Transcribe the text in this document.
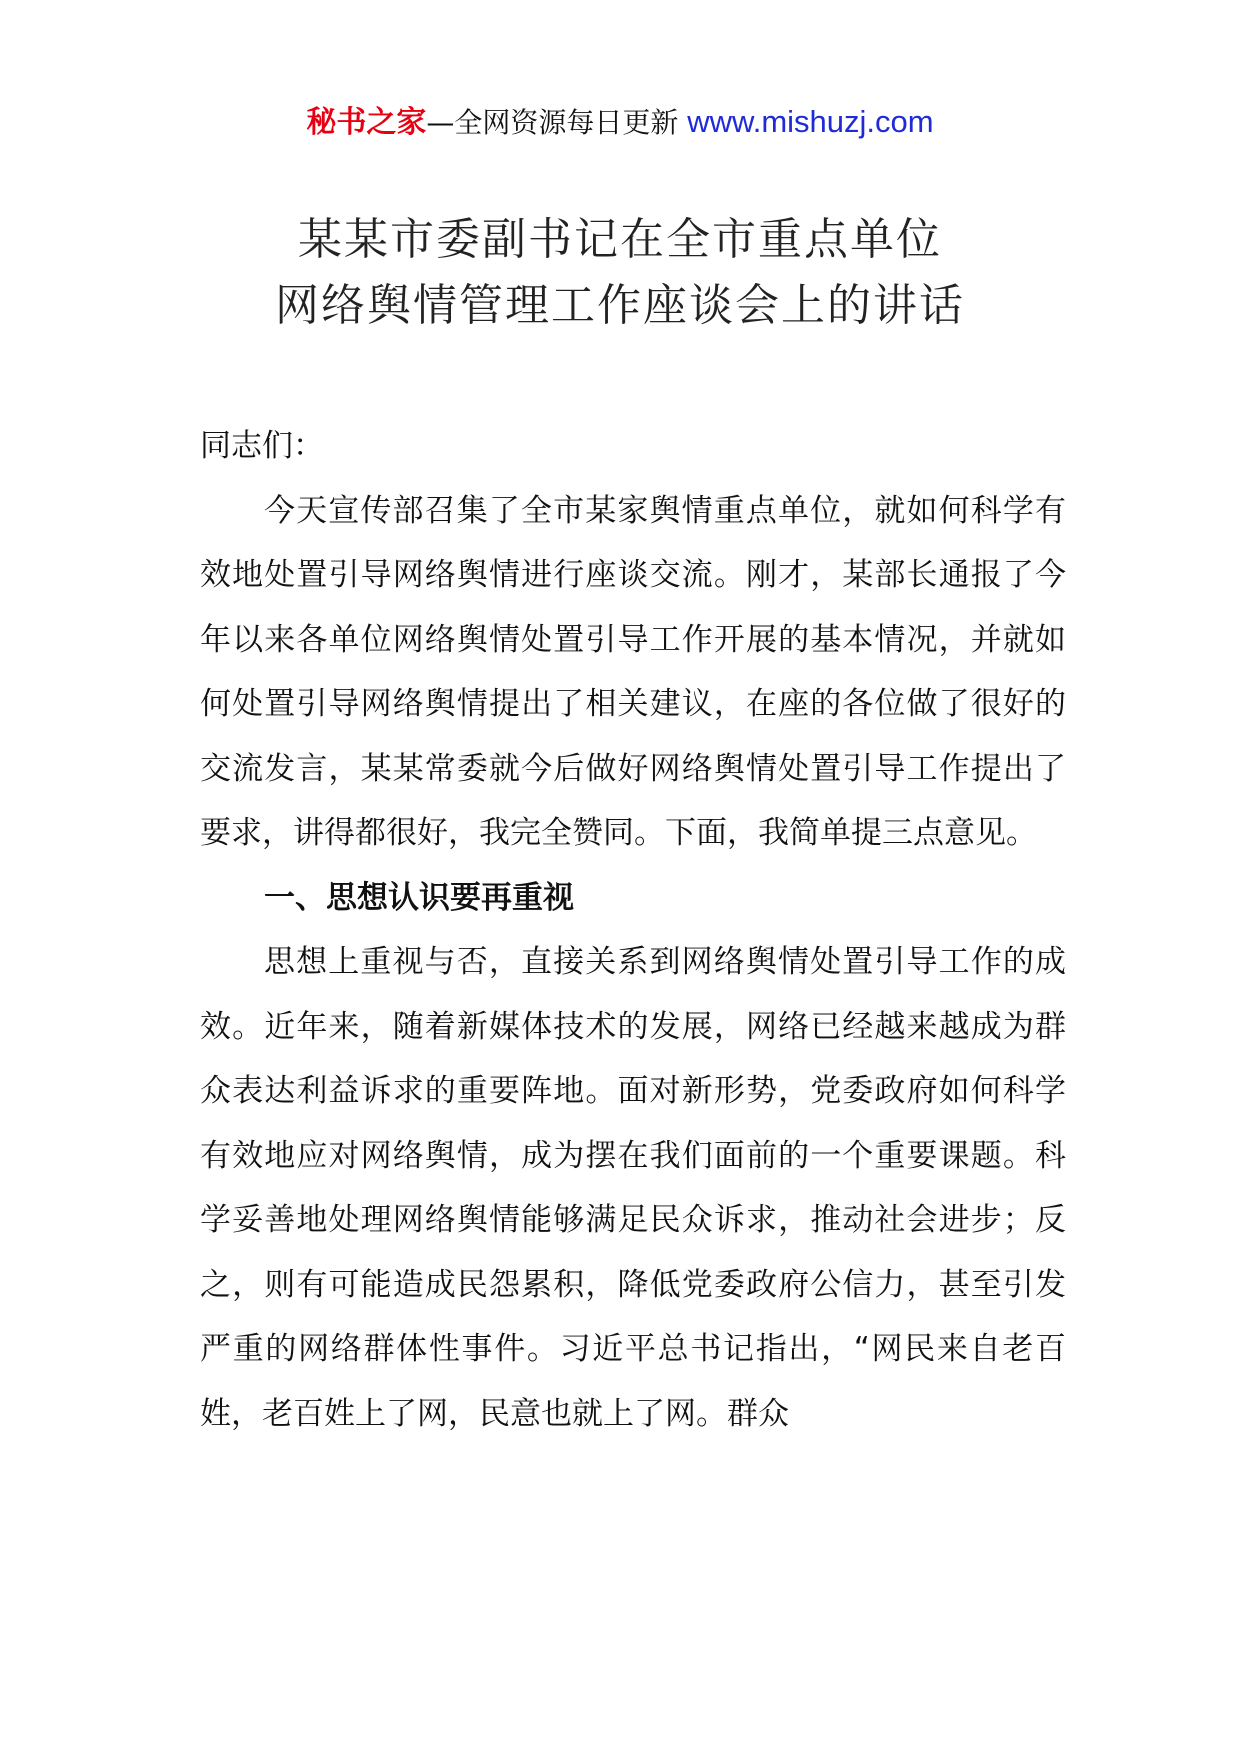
秘书之家—全网资源每日更新 www.mishuzj.com
某某市委副书记在全市重点单位
网络舆情管理工作座谈会上的讲话

同志们：

今天宣传部召集了全市某家舆情重点单位，就如何科学有效地处置引导网络舆情进行座谈交流。刚才，某部长通报了今年以来各单位网络舆情处置引导工作开展的基本情况，并就如何处置引导网络舆情提出了相关建议，在座的各位做了很好的交流发言，某某常委就今后做好网络舆情处置引导工作提出了要求，讲得都很好，我完全赞同。下面，我简单提三点意见。

一、思想认识要再重视

思想上重视与否，直接关系到网络舆情处置引导工作的成效。近年来，随着新媒体技术的发展，网络已经越来越成为群众表达利益诉求的重要阵地。面对新形势，党委政府如何科学有效地应对网络舆情，成为摆在我们面前的一个重要课题。科学妥善地处理网络舆情能够满足民众诉求，推动社会进步；反之，则有可能造成民怨累积，降低党委政府公信力，甚至引发严重的网络群体性事件。习近平总书记指出，“网民来自老百姓，老百姓上了网，民意也就上了网。群众
